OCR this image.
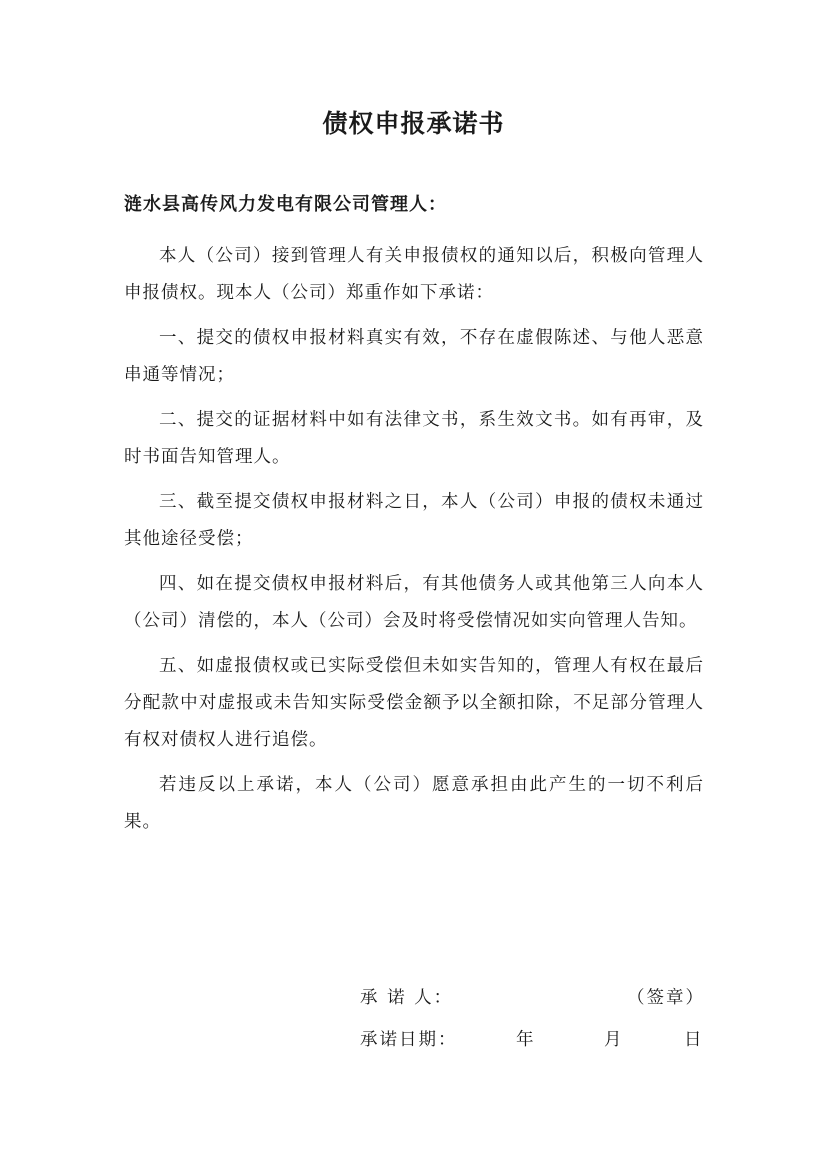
债权申报承诺书
涟水县高传风力发电有限公司管理人：

本人（公司）接到管理人有关申报债权的通知以后，积极向管理人申报债权。现本人（公司）郑重作如下承诺：

一、提交的债权申报材料真实有效，不存在虚假陈述、与他人恶意串通等情况；

二、提交的证据材料中如有法律文书，系生效文书。如有再审，及时书面告知管理人。

三、截至提交债权申报材料之日，本人（公司）申报的债权未通过其他途径受偿；

四、如在提交债权申报材料后，有其他债务人或其他第三人向本人（公司）清偿的，本人（公司）会及时将受偿情况如实向管理人告知。

五、如虚报债权或已实际受偿但未如实告知的，管理人有权在最后分配款中对虚报或未告知实际受偿金额予以全额扣除，不足部分管理人有权对债权人进行追偿。

若违反以上承诺，本人（公司）愿意承担由此产生的一切不利后果。

承 诺 人：	（签章）
承诺日期：	年	月	日
